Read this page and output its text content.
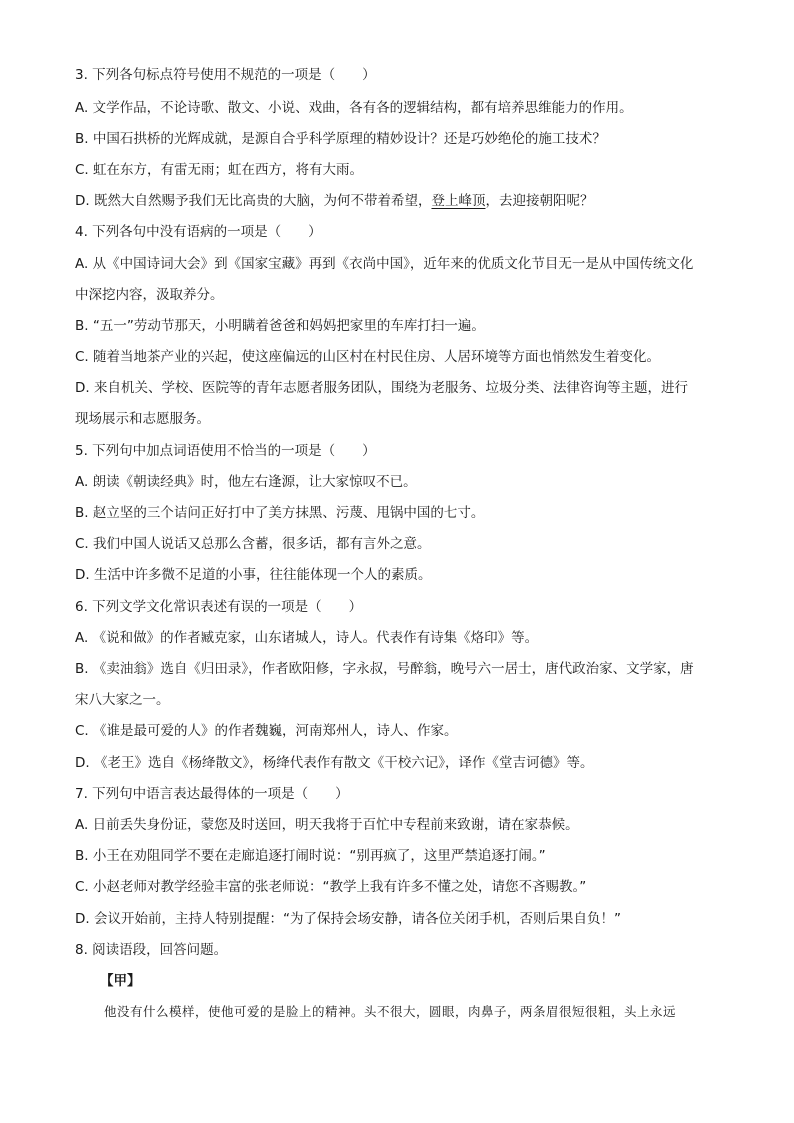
3. 下列各句标点符号使用不规范的一项是（　　）
A. 文学作品，不论诗歌、散文、小说、戏曲，各有各的逻辑结构，都有培养思维能力的作用。
B. 中国石拱桥的光辉成就，是源自合乎科学原理的精妙设计？还是巧妙绝伦的施工技术？
C. 虹在东方，有雷无雨；虹在西方，将有大雨。
D. 既然大自然赐予我们无比高贵的大脑，为何不带着希望，登上峰顶，去迎接朝阳呢？
4. 下列各句中没有语病的一项是（　　）
A. 从《中国诗词大会》到《国家宝藏》再到《衣尚中国》，近年来的优质文化节目无一是从中国传统文化
中深挖内容，汲取养分。
B. “五一”劳动节那天，小明瞒着爸爸和妈妈把家里的车库打扫一遍。
C. 随着当地茶产业的兴起，使这座偏远的山区村在村民住房、人居环境等方面也悄然发生着变化。
D. 来自机关、学校、医院等的青年志愿者服务团队，围绕为老服务、垃圾分类、法律咨询等主题，进行
现场展示和志愿服务。
5. 下列句中加点词语使用不恰当的一项是（　　）
A. 朗读《朝读经典》时，他左右逢源，让大家惊叹不已。
B. 赵立坚的三个诘问正好打中了美方抹黑、污蔑、甩锅中国的七寸。
C. 我们中国人说话又总那么含蓄，很多话，都有言外之意。
D. 生活中许多微不足道的小事，往往能体现一个人的素质。
6. 下列文学文化常识表述有误的一项是（　　）
A. 《说和做》的作者臧克家，山东诸城人，诗人。代表作有诗集《烙印》等。
B. 《卖油翁》选自《归田录》，作者欧阳修，字永叔，号醉翁，晚号六一居士，唐代政治家、文学家，唐
宋八大家之一。
C. 《谁是最可爱的人》的作者魏巍，河南郑州人，诗人、作家。
D. 《老王》选自《杨绛散文》，杨绛代表作有散文《干校六记》，译作《堂吉诃德》等。
7. 下列句中语言表达最得体的一项是（　　）
A. 日前丢失身份证，蒙您及时送回，明天我将于百忙中专程前来致谢，请在家恭候。
B. 小王在劝阻同学不要在走廊追逐打闹时说：“别再疯了，这里严禁追逐打闹。”
C. 小赵老师对教学经验丰富的张老师说：“教学上我有许多不懂之处，请您不吝赐教。”
D. 会议开始前，主持人特别提醒：“为了保持会场安静，请各位关闭手机，否则后果自负！”
8. 阅读语段，回答问题。
【甲】
他没有什么模样，使他可爱的是脸上的精神。头不很大，圆眼，肉鼻子，两条眉很短很粗，头上永远
